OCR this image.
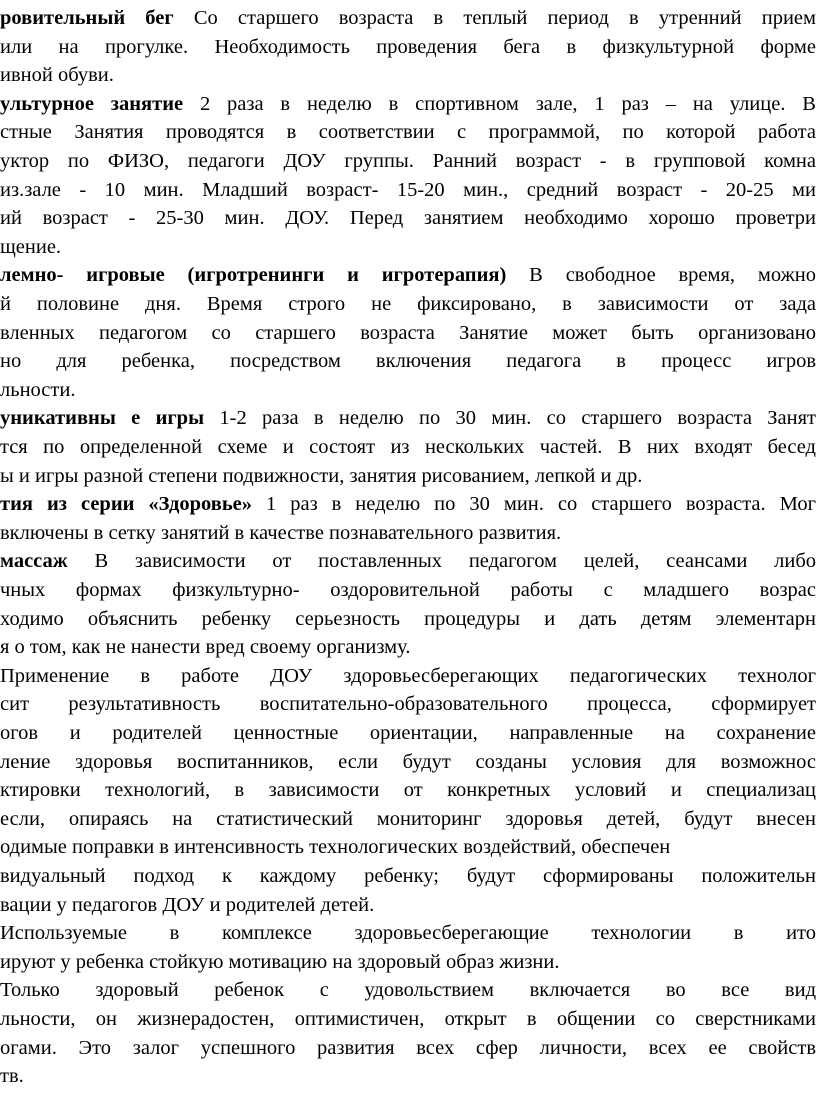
ровительный бег Со старшего возраста в теплый период в утренний прием
или на прогулке. Необходимость проведения бега в физкультурной форме
ивной обуви.
ультурное занятие 2 раза в неделю в спортивном зале, 1 раз – на улице. В
стные Занятия проводятся в соответствии с программой, по которой работа
уктор по ФИЗО, педагоги ДОУ группы. Ранний возраст - в групповой комна
из.зале - 10 мин. Младший возраст- 15-20 мин., средний возраст - 20-25 ми
ий возраст - 25-30 мин. ДОУ. Перед занятием необходимо хорошо проветри
щение.
лемно- игровые (игротренинги и игротерапия) В свободное время, можно
й половине дня. Время строго не фиксировано, в зависимости от зада
вленных педагогом со старшего возраста Занятие может быть организовано
но для ребенка, посредством включения педагога в процесс игров
льности.
уникативны е игры 1-2 раза в неделю по 30 мин. со старшего возраста Занят
тся по определенной схеме и состоят из нескольких частей. В них входят бесед
ы и игры разной степени подвижности, занятия рисованием, лепкой и др.
тия из серии «Здоровье» 1 раз в неделю по 30 мин. со старшего возраста. Мог
включены в сетку занятий в качестве познавательного развития.
массаж В зависимости от поставленных педагогом целей, сеансами либо
чных формах физкультурно- оздоровительной работы с младшего возрас
ходимо объяснить ребенку серьезность процедуры и дать детям элементарн
я о том, как не нанести вред своему организму.
Применение в работе ДОУ здоровьесберегающих педагогических технолог
сит результативность воспитательно-образовательного процесса, сформирует
огов и родителей ценностные ориентации, направленные на сохранение
ление здоровья воспитанников, если будут созданы условия для возможнос
ктировки технологий, в зависимости от конкретных условий и специализац
если, опираясь на статистический мониторинг здоровья детей, будут внесен
одимые поправки в интенсивность технологических воздействий, обеспечен
видуальный подход к каждому ребенку; будут сформированы положительн
вации у педагогов ДОУ и родителей детей.
Используемые в комплексе здоровьесберегающие технологии в ито
ируют у ребенка стойкую мотивацию на здоровый образ жизни.
Только здоровый ребенок с удовольствием включается во все вид
льности, он жизнерадостен, оптимистичен, открыт в общении со сверстниками
огами. Это залог успешного развития всех сфер личности, всех ее свойств
тв.
